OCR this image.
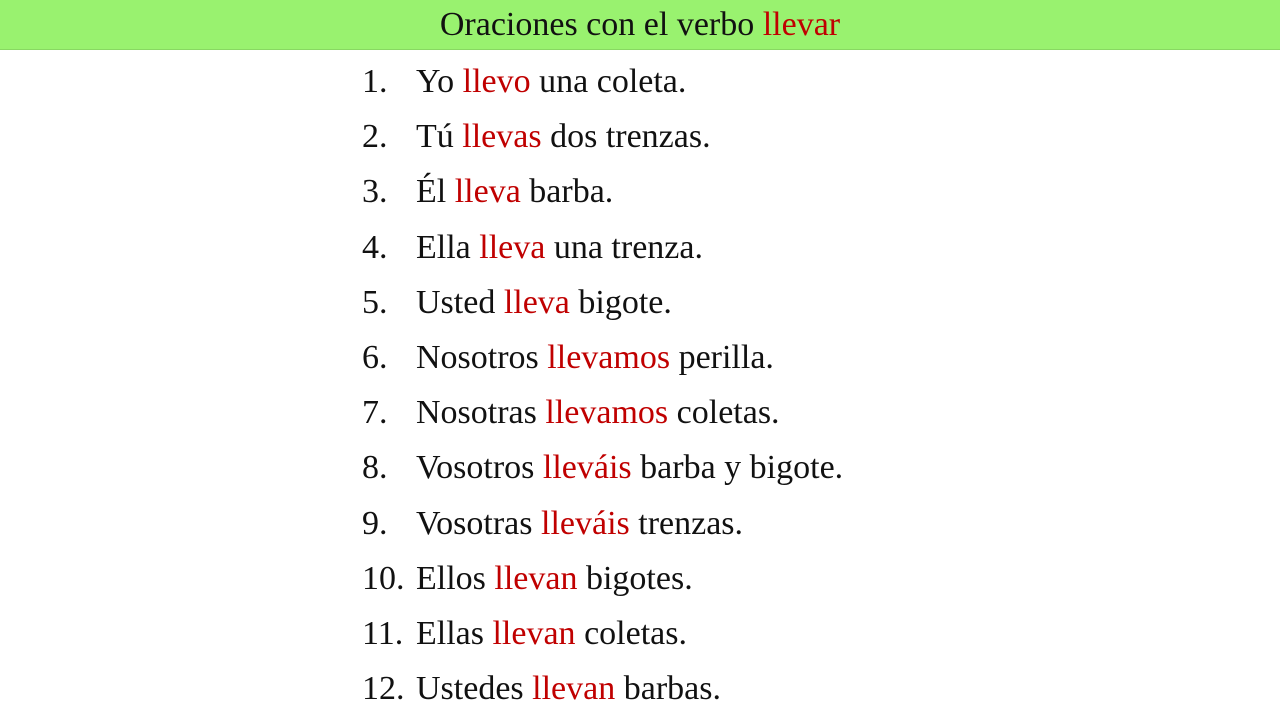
Oraciones con el verbo llevar
1. Yo llevo una coleta.
2. Tú llevas dos trenzas.
3. Él lleva barba.
4. Ella lleva una trenza.
5. Usted lleva bigote.
6. Nosotros llevamos perilla.
7. Nosotras llevamos coletas.
8. Vosotros lleváis barba y bigote.
9. Vosotras lleváis trenzas.
10. Ellos llevan bigotes.
11. Ellas llevan coletas.
12. Ustedes llevan barbas.
